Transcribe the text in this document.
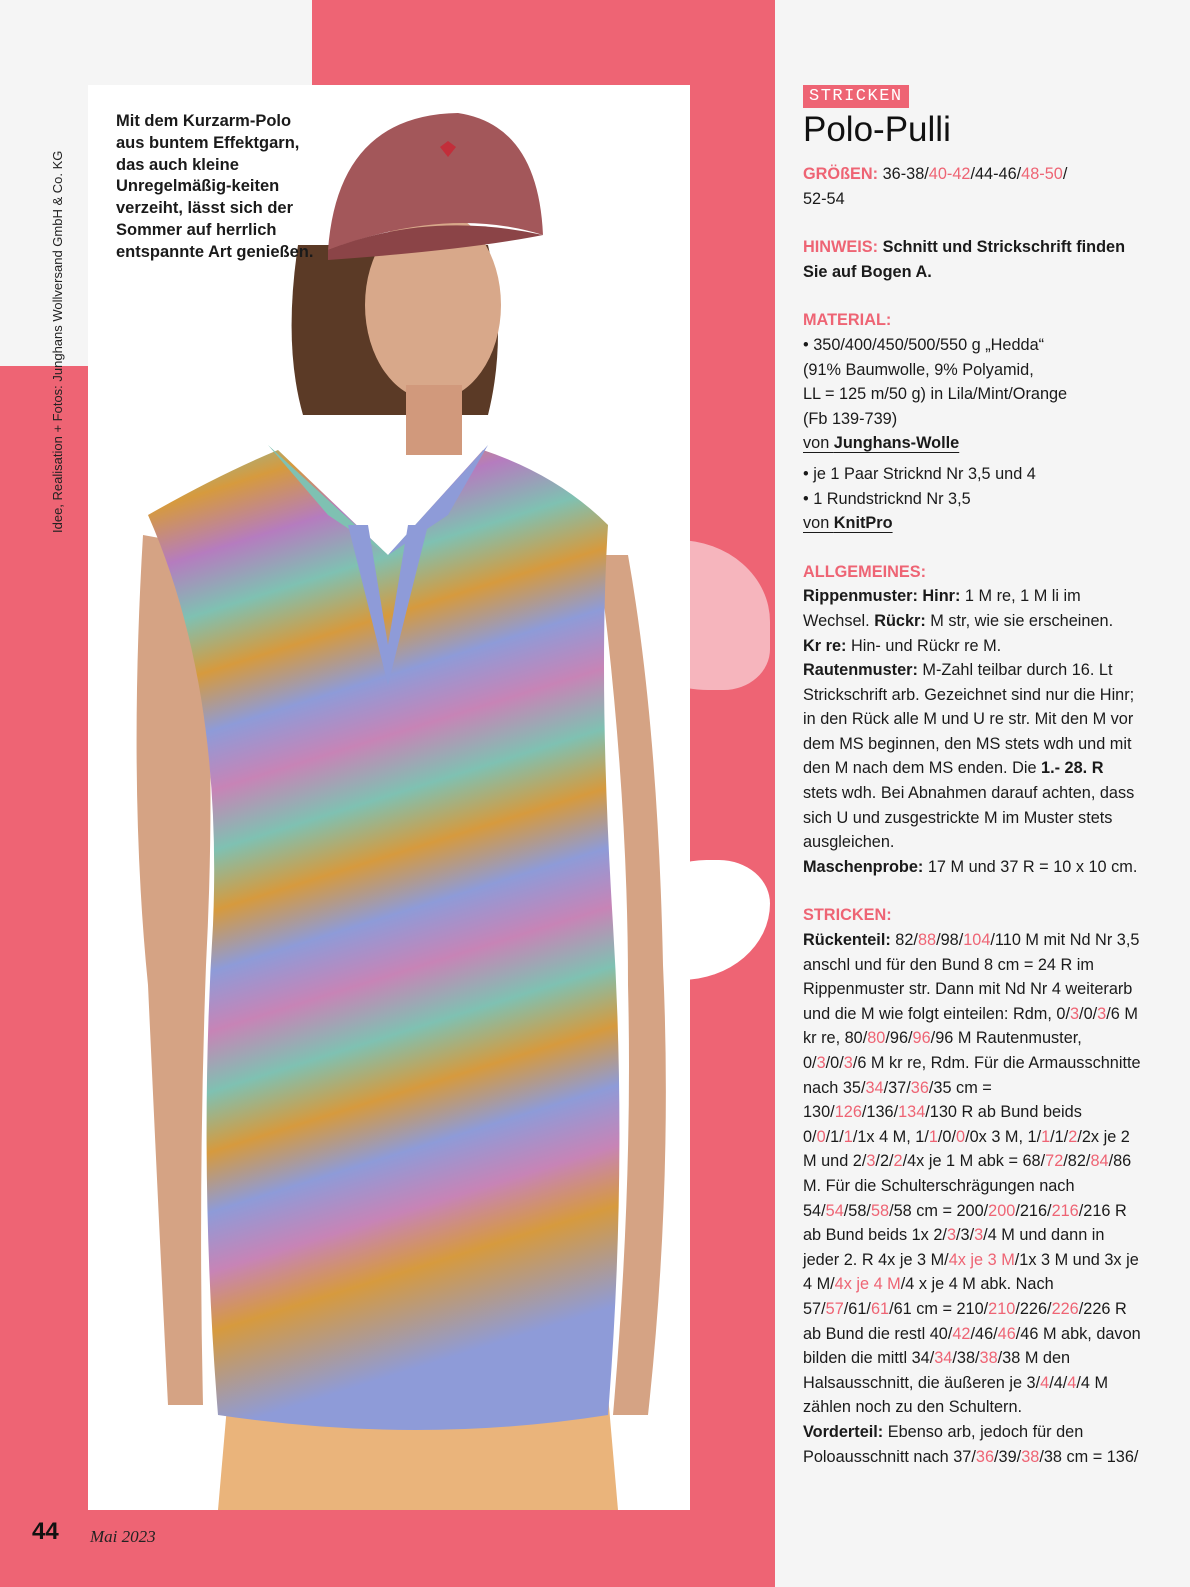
Mit dem Kurzarm-Polo aus buntem Effektgarn, das auch kleine Unregelmäßig-keiten verzeiht, lässt sich der Sommer auf herrlich entspannte Art genießen.
Idee, Realisation + Fotos: Junghans Wollversand GmbH & Co. KG
44 Mai 2023
STRICKEN
Polo-Pulli
GRÖßEN: 36-38/40-42/44-46/48-50/
52-54
HINWEIS: Schnitt und Strickschrift finden Sie auf Bogen A.
MATERIAL:
• 350/400/450/500/550 g „Hedda“
(91% Baumwolle, 9% Polyamid,
LL = 125 m/50 g) in Lila/Mint/Orange
(Fb 139-739)
von Junghans-Wolle
• je 1 Paar Stricknd Nr 3,5 und 4
• 1 Rundstricknd Nr 3,5
von KnitPro
ALLGEMEINES:
Rippenmuster: Hinr: 1 M re, 1 M li im Wechsel. Rückr: M str, wie sie erscheinen.
Kr re: Hin- und Rückr re M.
Rautenmuster: M-Zahl teilbar durch 16. Lt Strickschrift arb. Gezeichnet sind nur die Hinr; in den Rück alle M und U re str. Mit den M vor dem MS beginnen, den MS stets wdh und mit den M nach dem MS enden. Die 1.- 28. R stets wdh. Bei Abnahmen darauf achten, dass sich U und zusgestrickte M im Muster stets ausgleichen.
Maschenprobe: 17 M und 37 R = 10 x 10 cm.
STRICKEN:
Rückenteil: 82/88/98/104/110 M mit Nd Nr 3,5 anschl und für den Bund 8 cm = 24 R im Rippenmuster str. Dann mit Nd Nr 4 weiterarb und die M wie folgt einteilen: Rdm, 0/3/0/3/6 M kr re, 80/80/96/96/96 M Rautenmuster, 0/3/0/3/6 M kr re, Rdm. Für die Armausschnitte nach 35/34/37/36/35 cm = 130/126/136/134/130 R ab Bund beids 0/0/1/1/1x 4 M, 1/1/0/0/0x 3 M, 1/1/1/2/2x je 2 M und 2/3/2/2/4x je 1 M abk = 68/72/82/84/86 M. Für die Schulterschrägungen nach 54/54/58/58/58 cm = 200/200/216/216/216 R ab Bund beids 1x 2/3/3/3/4 M und dann in jeder 2. R 4x je 3 M/4x je 3 M/1x 3 M und 3x je 4 M/4x je 4 M/4 x je 4 M abk. Nach 57/57/61/61/61 cm = 210/210/226/226/226 R ab Bund die restl 40/42/46/46/46 M abk, davon bilden die mittl 34/34/38/38/38 M den Halsausschnitt, die äußeren je 3/4/4/4/4 M zählen noch zu den Schultern.
Vorderteil: Ebenso arb, jedoch für den Poloausschnitt nach 37/36/39/38/38 cm = 136/
